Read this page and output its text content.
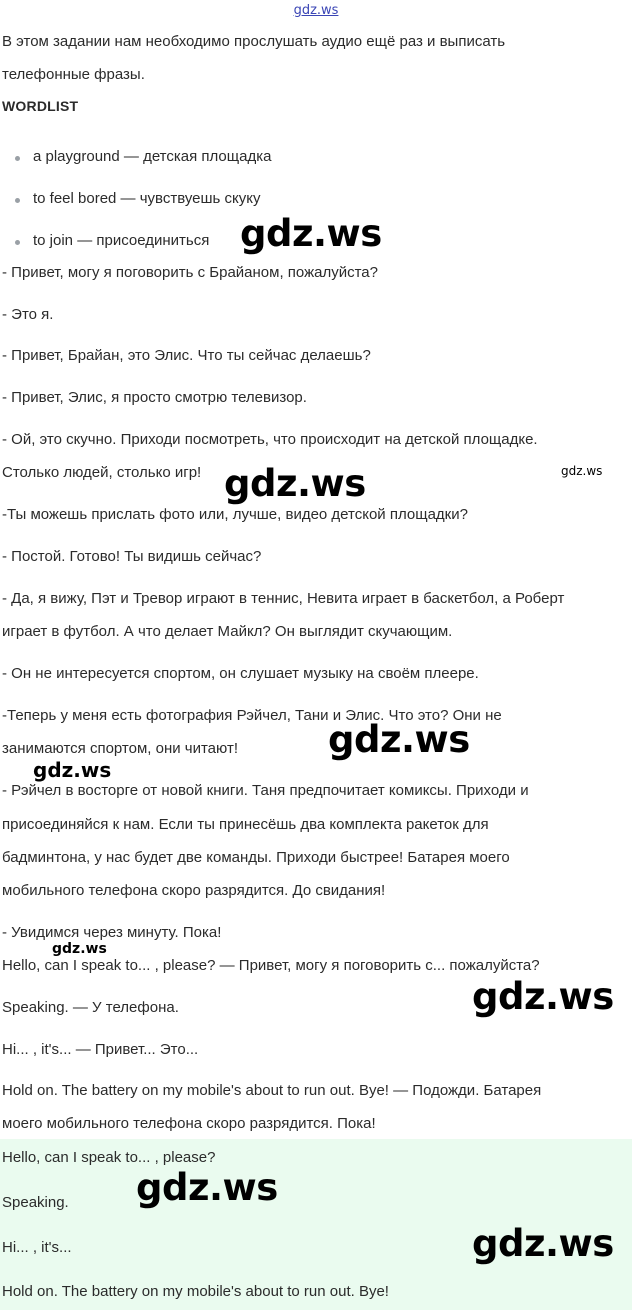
gdz.ws
В этом задании нам необходимо прослушать аудио ещё раз и выписать
телефонные фразы.
WORDLIST
a playground — детская площадка
to feel bored — чувствуешь скуку
to join — присоединиться
- Привет, могу я поговорить с Брайаном, пожалуйста?
- Это я.
- Привет, Брайан, это Элис. Что ты сейчас делаешь?
- Привет, Элис, я просто смотрю телевизор.
- Ой, это скучно. Приходи посмотреть, что происходит на детской площадке.
Столько людей, столько игр!
-Ты можешь прислать фото или, лучше, видео детской площадки?
- Постой. Готово! Ты видишь сейчас?
- Да, я вижу, Пэт и Тревор играют в теннис, Невита играет в баскетбол, а Роберт
играет в футбол. А что делает Майкл? Он выглядит скучающим.
- Он не интересуется спортом, он слушает музыку на своём плеере.
-Теперь у меня есть фотография Рэйчел, Тани и Элис. Что это? Они не
занимаются спортом, они читают!
- Рэйчел в восторге от новой книги. Таня предпочитает комиксы. Приходи и
присоединяйся к нам. Если ты принесёшь два комплекта ракеток для
бадминтона, у нас будет две команды. Приходи быстрее! Батарея моего
мобильного телефона скоро разрядится. До свидания!
- Увидимся через минуту. Пока!
Hello, can I speak to... , please? — Привет, могу я поговорить с... пожалуйста?
Speaking. — У телефона.
Hi... , it's... — Привет... Это...
Hold on. The battery on my mobile's about to run out. Bye! — Подожди. Батарея
моего мобильного телефона скоро разрядится. Пока!
Hello, can I speak to... , please?
Speaking.
Hi... , it's...
Hold on. The battery on my mobile's about to run out. Bye!
gdz.ws
gdz.ws	gdz.ws
gdz.ws
gdz.ws
gdz.ws
gdz.ws
gdz.ws
gdz.ws
